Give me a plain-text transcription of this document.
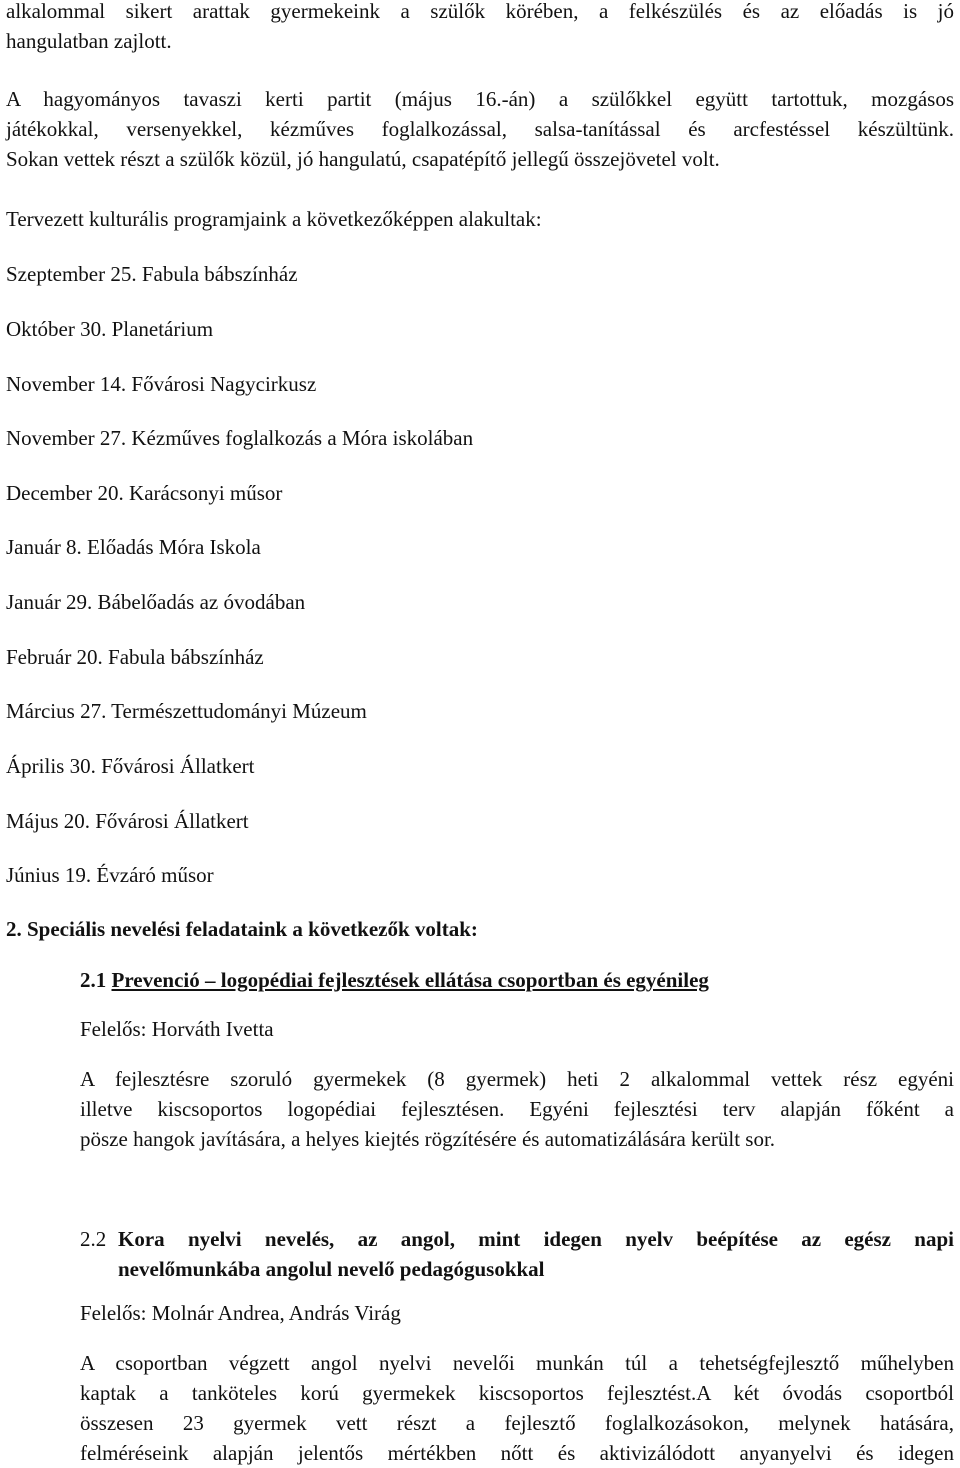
alkalommal sikert arattak gyermekeink a szülők körében, a felkészülés és az előadás is jó
hangulatban zajlott.
A hagyományos tavaszi kerti partit (május 16.-án) a szülőkkel együtt tartottuk, mozgásos
játékokkal, versenyekkel, kézműves foglalkozással, salsa-tanítással és arcfestéssel készültünk.
Sokan vettek részt a szülők közül, jó hangulatú, csapatépítő jellegű összejövetel volt.
Tervezett kulturális programjaink a következőképpen alakultak:
Szeptember 25. Fabula bábszínház
Október 30. Planetárium
November 14. Fővárosi Nagycirkusz
November 27. Kézműves foglalkozás a Móra iskolában
December 20. Karácsonyi műsor
Január 8. Előadás Móra Iskola
Január 29. Bábelőadás az óvodában
Február 20. Fabula bábszínház
Március 27. Természettudományi Múzeum
Április 30. Fővárosi Állatkert
Május 20. Fővárosi Állatkert
Június 19. Évzáró műsor
2. Speciális nevelési feladataink a következők voltak:
2.1 Prevenció – logopédiai fejlesztések ellátása csoportban és egyénileg
Felelős: Horváth Ivetta
A fejlesztésre szoruló gyermekek (8 gyermek) heti 2 alkalommal vettek rész egyéni
illetve kiscsoportos logopédiai fejlesztésen. Egyéni fejlesztési terv alapján főként a
pösze hangok javítására, a helyes kiejtés rögzítésére és automatizálására került sor.
2.2 Kora nyelvi nevelés, az angol, mint idegen nyelv beépítése az egész napi
nevelőmunkába angolul nevelő pedagógusokkal
Felelős: Molnár Andrea, András Virág
A csoportban végzett angol nyelvi nevelői munkán túl a tehetségfejlesztő műhelyben
kaptak a tanköteles korú gyermekek kiscsoportos fejlesztést.A két óvodás csoportból
összesen 23 gyermek vett részt a fejlesztő foglalkozásokon, melynek hatására,
felméréseink alapján jelentős mértékben nőtt és aktivizálódott anyanyelvi és idegen
